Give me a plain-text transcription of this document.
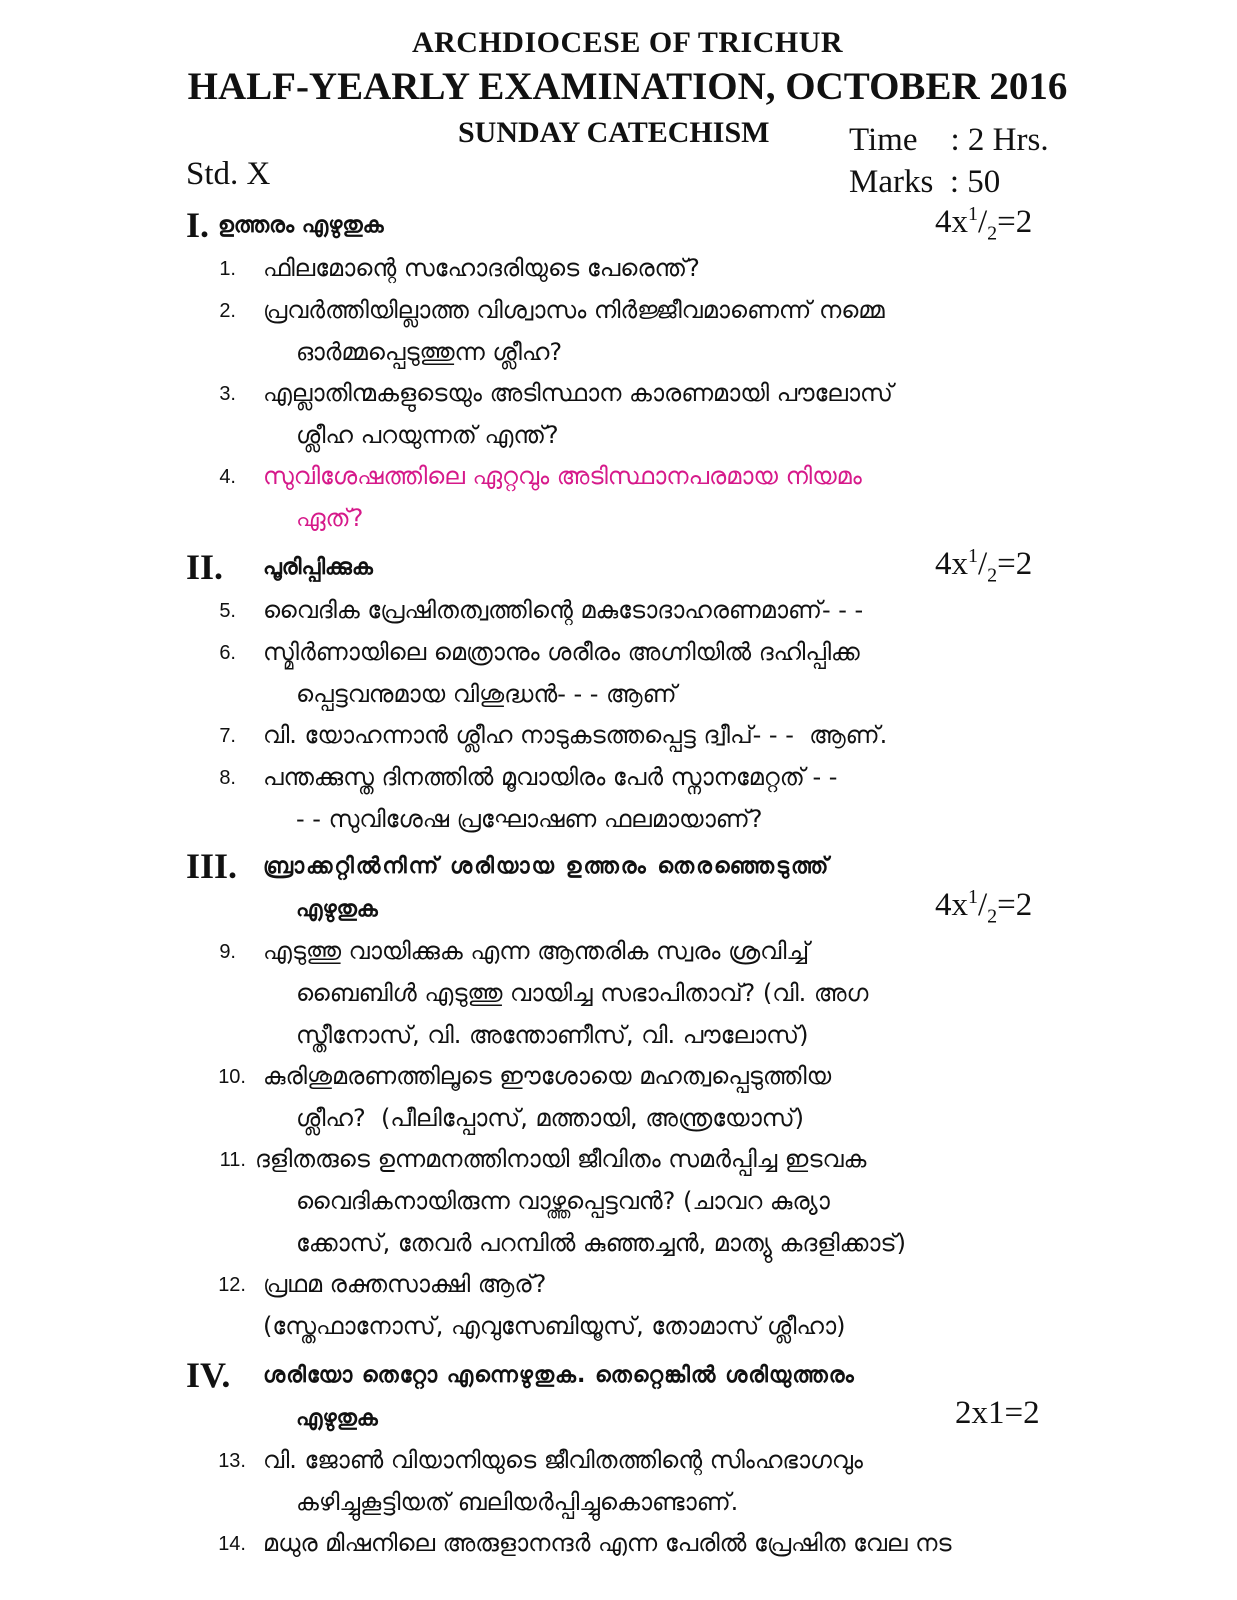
ARCHDIOCESE OF TRICHUR
HALF-YEARLY EXAMINATION, OCTOBER 2016
SUNDAY CATECHISM
Std. X
Time    : 2 Hrs.
Marks  : 50
I. ഉത്തരം എഴുതുക	$4x^1/_2=2$
1. ഫിലമോന്റെ സഹോദരിയുടെ പേരെന്ത്?
2. പ്രവർത്തിയില്ലാത്ത വിശ്വാസം നിർജ്ജീവമാണെന്ന് നമ്മെ
ഓർമ്മപ്പെടുത്തുന്ന ശ്ലീഹ?
3. എല്ലാതിന്മകളുടെയും അടിസ്ഥാന കാരണമായി പൗലോസ്
ശ്ലീഹ പറയുന്നത് എന്ത്?
4. സുവിശേഷത്തിലെ ഏറ്റവും അടിസ്ഥാനപരമായ നിയമം
ഏത്?
II. പൂരിപ്പിക്കുക	$4x^1/_2=2$
5. വൈദിക പ്രേഷിതത്വത്തിന്റെ മകുടോദാഹരണമാണ്- - -
6. സ്മിർണായിലെ മെത്രാനും ശരീരം അഗ്നിയിൽ ദഹിപ്പിക്ക
പ്പെട്ടവനുമായ വിശുദ്ധൻ- - - ആണ്
7. വി. യോഹന്നാൻ ശ്ലീഹ നാടുകടത്തപ്പെട്ട ദ്വീപ്- - -  ആണ്.
8. പന്തക്കുസ്ത ദിനത്തിൽ മൂവായിരം പേർ സ്നാനമേറ്റത് - -
- - സുവിശേഷ പ്രഘോഷണ ഫലമായാണ്?
III. ബ്രാക്കറ്റിൽനിന്ന് ശരിയായ ഉത്തരം തെരഞ്ഞെടുത്ത്
എഴുതുക	$4x^1/_2=2$
9. എടുത്തു വായിക്കുക എന്ന ആന്തരിക സ്വരം ശ്രവിച്ച്
ബൈബിൾ എടുത്തു വായിച്ച സഭാപിതാവ്? (വി. അഗ
സ്തീനോസ്, വി. അന്തോണീസ്, വി. പൗലോസ്)
10. കുരിശുമരണത്തിലൂടെ ഈശോയെ മഹത്വപ്പെടുത്തിയ
ശ്ലീഹ?  (പീലിപ്പോസ്, മത്തായി, അന്ത്രയോസ്)
11. ദളിതരുടെ ഉന്നമനത്തിനായി ജീവിതം സമർപ്പിച്ച ഇടവക
വൈദികനായിരുന്ന വാഴ്ത്തപ്പെട്ടവൻ? (ചാവറ കുര്യാ
ക്കോസ്, തേവർ പറമ്പിൽ കുഞ്ഞച്ചൻ, മാത്യു കദളിക്കാട്)
12. പ്രഥമ രക്തസാക്ഷി ആര്?
(സ്തേഫാനോസ്, എവുസേബിയൂസ്, തോമാസ് ശ്ലീഹാ)
IV. ശരിയോ തെറ്റോ എന്നെഴുതുക. തെറ്റെങ്കിൽ ശരിയുത്തരം
എഴുതുക	2x1=2
13. വി. ജോൺ വിയാനിയുടെ ജീവിതത്തിന്റെ സിംഹഭാഗവും
കഴിച്ചുകൂട്ടിയത് ബലിയർപ്പിച്ചുകൊണ്ടാണ്.
14. മധുര മിഷനിലെ അരുളാനന്ദർ എന്ന പേരിൽ പ്രേഷിത വേല നട
